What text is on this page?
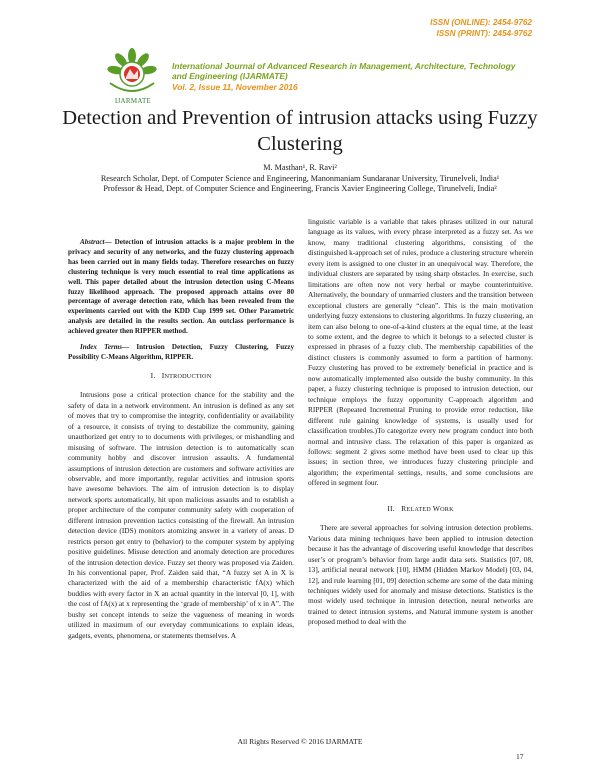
ISSN (ONLINE): 2454-9762
ISSN (PRINT): 2454-9762
IJARMATE
International Journal of Advanced Research in Management, Architecture, Technology and Engineering (IJARMATE)
Vol. 2, Issue 11, November 2016
Detection and Prevention of intrusion attacks using Fuzzy Clustering
M. Masthan¹, R. Ravi²
Research Scholar, Dept. of Computer Science and Engineering, Manonmaniam Sundaranar University, Tirunelveli, India¹
Professor & Head, Dept. of Computer Science and Engineering, Francis Xavier Engineering College, Tirunelveli, India²

Abstract— Detection of intrusion attacks is a major problem in the privacy and security of any networks, and the fuzzy clustering approach has been carried out in many fields today. Therefore researches on fuzzy clustering technique is very much essential to real time applications as well. This paper detailed about the intrusion detection using C-Means fuzzy likelihood approach. The proposed approach attains over 80 percentage of average detection rate, which has been revealed from the experiments carried out with the KDD Cup 1999 set. Other Parametric analysis are detailed in the results section. An outclass performance is achieved greater then RIPPER method.

Index Terms— Intrusion Detection, Fuzzy Clustering, Fuzzy Possibility C-Means Algorithm, RIPPER.

I. INTRODUCTION

Intrusions pose a critical protection chance for the stability and the safety of data in a network environment. An intrusion is defined as any set of moves that try to compromise the integrity, confidentiality or availability of a resource, it consists of trying to destabilize the community, gaining unauthorized get entry to to documents with privileges, or mishandling and misusing of software. The intrusion detection is to automatically scan community hobby and discover intrusion assaults. A fundamental assumptions of intrusion detection are customers and software activities are observable, and more importantly, regular activities and intrusion sports have awesome behaviors. The aim of intrusion detection is to display network sports automatically, hit upon malicious assaults and to establish a proper architecture of the computer community safety with cooperation of different intrusion prevention tactics consisting of the firewall. An intrusion detection device (IDS) monitors atomizing answer in a variety of areas. D restricts person get entry to (behavior) to the computer system by applying positive guidelines. Misuse detection and anomaly detection are procedures of the intrusion detection device. Fuzzy set theory was proposed via Zaiden. In his conventional paper, Prof. Zaiden said that, “A fuzzy set A in X is characterized with the aid of a membership characteristic fA(x) which buddies with every factor in X an actual quantity in the interval [0, 1], with the cost of fA(x) at x representing the ‘grade of membership’ of x in A”. The bushy set concept intends to seize the vagueness of meaning in words utilized in maximum of our everyday communications to explain ideas, gadgets, events, phenomena, or statements themselves. A

linguistic variable is a variable that takes phrases utilized in our natural language as its values, with every phrase interpreted as a fuzzy set. As we know, many traditional clustering algorithms, consisting of the distinguished k-approach set of rules, produce a clustering structure wherein every item is assigned to one cluster in an unequivocal way. Therefore, the individual clusters are separated by using sharp obstacles. In exercise, such limitations are often now not very herbal or maybe counterintuitive. Alternatively, the boundary of unmarried clusters and the transition between exceptional clusters are generally “clean”. This is the main motivation underlying fuzzy extensions to clustering algorithms. In fuzzy clustering, an item can also belong to one-of-a-kind clusters at the equal time, at the least to some extent, and the degree to which it belongs to a selected cluster is expressed in phrases of a fuzzy club. The membership capabilities of the distinct clusters is commonly assumed to form a partition of harmony. Fuzzy clustering has proved to be extremely beneficial in practice and is now automatically implemented also outside the bushy community. In this paper, a fuzzy clustering technique is proposed to intrusion detection, our technique employs the fuzzy opportunity C-approach algorithm and RIPPER (Repeated Incremental Pruning to provide error reduction, like different rule gaining knowledge of systems, is usually used for classification troubles.)To categorize every new program conduct into both normal and intrusive class. The relaxation of this paper is organized as follows: segment 2 gives some method have been used to clear up this issues; in section three, we introduces fuzzy clustering principle and algorithm; the experimental settings, results, and some conclusions are offered in segment four.

II. RELATED WORK

There are several approaches for solving intrusion detection problems. Various data mining techniques have been applied to intrusion detection because it has the advantage of discovering useful knowledge that describes user’s or program’s behavior from large audit data sets. Statistics [07, 08, 13], artificial neural network [10], HMM (Hidden Markov Model) [03, 04, 12], and rule learning [01, 09] detection scheme are some of the data mining techniques widely used for anomaly and misuse detections. Statistics is the most widely used technique in intrusion detection, neural networks are trained to detect intrusion systems, and Natural immune system is another proposed method to deal with the

All Rights Reserved © 2016 IJARMATE
17
